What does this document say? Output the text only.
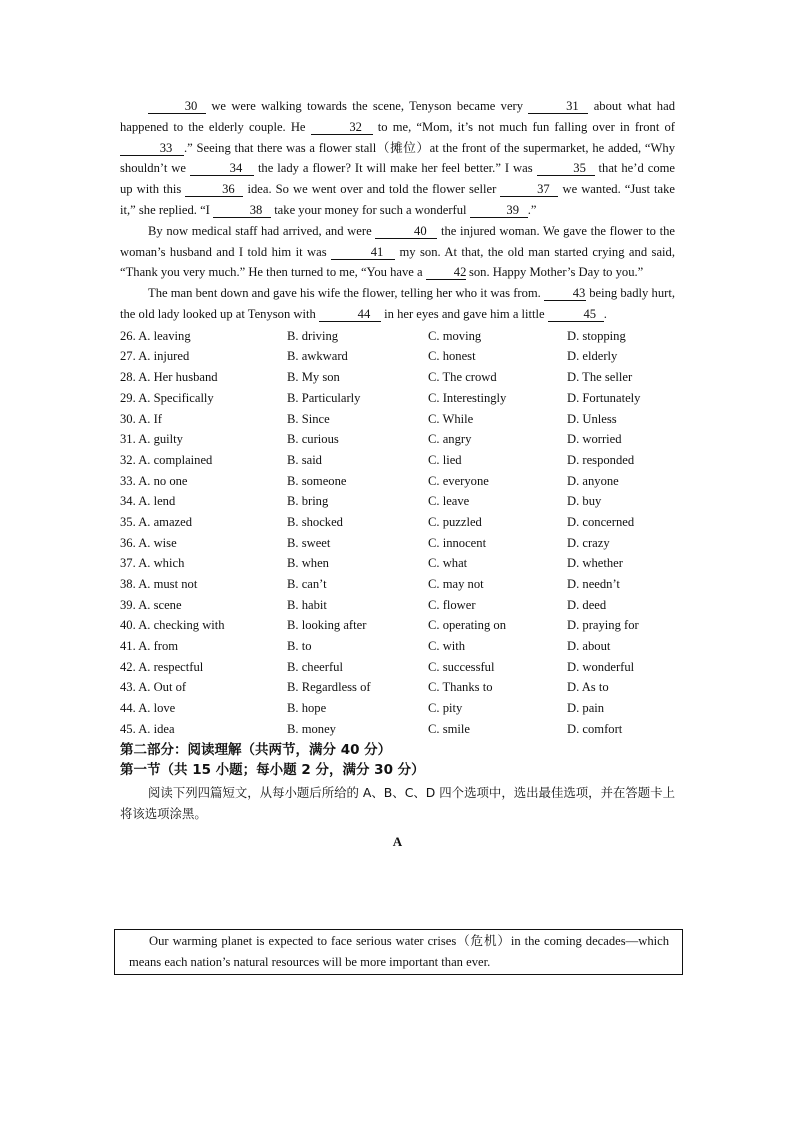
30 we were walking towards the scene, Tenyson became very	31 about what had happened to the elderly couple. He	32 to me, “Mom, it’s not much fun falling over in front of 33 .” Seeing that there was a flower stall（摊位）at the front of the supermarket, he added, “Why shouldn’t we	34 the lady a flower? It will make her feel better.” I was	35 that he’d come up with this	36 idea. So we went over and told the flower seller	37 we wanted. “Just take it,” she replied. “I	38 take your money for such a wonderful	39 .”

By now medical staff had arrived, and were	40 the injured woman. We gave the flower to the woman’s husband and I told him it was	41 my son. At that, the old man started crying and said, “Thank you very much.” He then turned to me, “You have a 42 son. Happy Mother’s Day to you.”

The man bent down and gave his wife the flower, telling her who it was from.	43 being badly hurt, the old lady looked up at Tenyson with	44 in her eyes and gave him a little	45 .

26. A. leaving	B. driving	C. moving	D. stopping
27. A. injured	B. awkward	C. honest	D. elderly
28. A. Her husband	B. My son	C. The crowd	D. The seller
29. A. Specifically	B. Particularly	C. Interestingly	D. Fortunately
30. A. If	B. Since	C. While	D. Unless
31. A. guilty	B. curious	C. angry	D. worried
32. A. complained	B. said	C. lied	D. responded
33. A. no one	B. someone	C. everyone	D. anyone
34. A. lend	B. bring	C. leave	D. buy
35. A. amazed	B. shocked	C. puzzled	D. concerned
36. A. wise	B. sweet	C. innocent	D. crazy
37. A. which	B. when	C. what	D. whether
38. A. must not	B. can’t	C. may not	D. needn’t
39. A. scene	B. habit	C. flower	D. deed
40. A. checking with	B. looking after	C. operating on	D. praying for
41. A. from	B. to	C. with	D. about
42. A. respectful	B. cheerful	C. successful	D. wonderful
43. A. Out of	B. Regardless of	C. Thanks to	D. As to
44. A. love	B. hope	C. pity	D. pain
45. A. idea	B. money	C. smile	D. comfort

第二部分：阅读理解（共两节，满分 40 分）

第一节（共 15 小题；每小题 2 分，满分 30 分）

阅读下列四篇短文，从每小题后所给的 A、B、C、D 四个选项中，选出最佳选项，并在答题卡上将该选项涂黑。

A

Our warming planet is expected to face serious water crises（危机）in the coming decades—which means each nation’s natural resources will be more important than ever.
